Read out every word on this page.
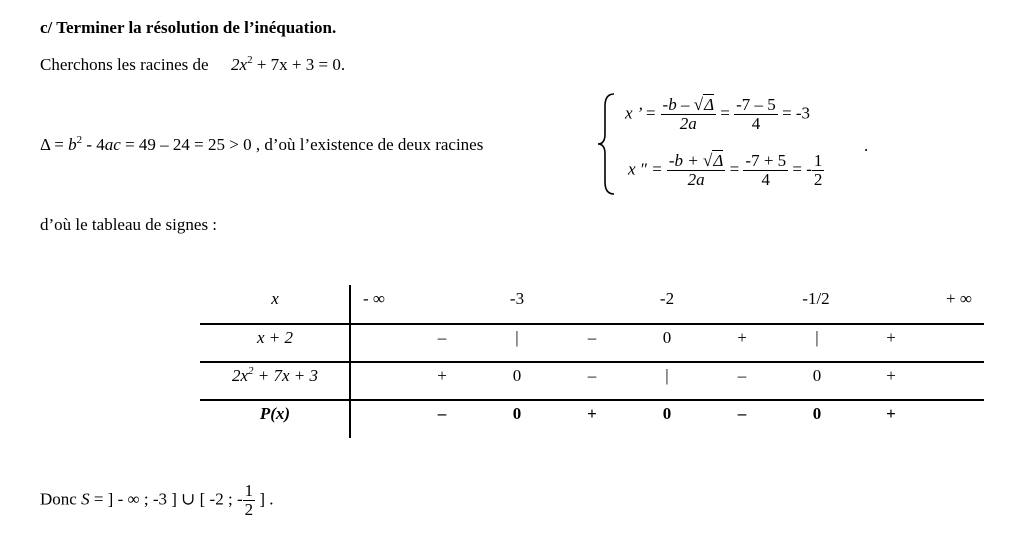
c/ Terminer la résolution de l’inéquation.
Cherchons les racines de $2x^2 + 7x + 3 = 0$.
$\Delta = b^2 - 4ac = 49 - 24 = 25 > 0$ , d’où l’existence de deux racines
x ’ = $\frac{-b - √\Delta}{2a} = \frac{-7 - 5}{4} = -3$
x ″ = $\frac{-b + √\Delta}{2a} = \frac{-7 + 5}{4}$ = - $\frac{1}{2}$
.
d’où le tableau de signes :
x	- ∞	-3	-2	-1/2	+ ∞
x + 2	–	|	–	0	+	|	+
$2x^2 + 7x + 3$	+	0	–	|	–	0	+
P(x)	–	0	+	0	–	0	+
Donc S = ] - ∞ ; -3 ] ∪ [ -2 ; - $\frac{1}{2}$ ] .
